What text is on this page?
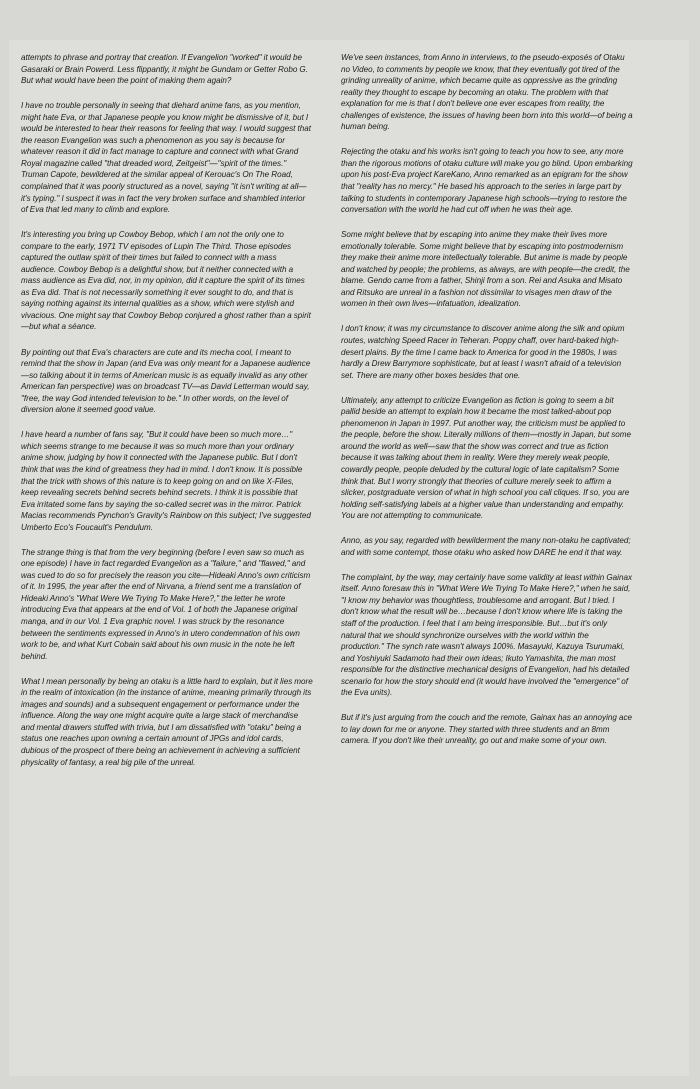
attempts to phrase and portray that creation. If Evangelion "worked" it would be Gasaraki or Brain Powerd. Less flippantly, it might be Gundam or Getter Robo G. But what would have been the point of making them again?

I have no trouble personally in seeing that diehard anime fans, as you mention, might hate Eva, or that Japanese people you know might be dismissive of it, but I would be interested to hear their reasons for feeling that way. I would suggest that the reason Evangelion was such a phenomenon as you say is because for whatever reason it did in fact manage to capture and connect with what Grand Royal magazine called "that dreaded word, Zeitgeist"—"spirit of the times." Truman Capote, bewildered at the similar appeal of Kerouac's On The Road, complained that it was poorly structured as a novel, saying "it isn't writing at all—it's typing." I suspect it was in fact the very broken surface and shambled interior of Eva that led many to climb and explore.

It's interesting you bring up Cowboy Bebop, which I am not the only one to compare to the early, 1971 TV episodes of Lupin The Third. Those episodes captured the outlaw spirit of their times but failed to connect with a mass audience. Cowboy Bebop is a delightful show, but it neither connected with a mass audience as Eva did, nor, in my opinion, did it capture the spirit of its times as Eva did. That is not necessarily something it ever sought to do, and that is saying nothing against its internal qualities as a show, which were stylish and vivacious. One might say that Cowboy Bebop conjured a ghost rather than a spirit—but what a séance.

By pointing out that Eva's characters are cute and its mecha cool, I meant to remind that the show in Japan (and Eva was only meant for a Japanese audience—so talking about it in terms of American music is as equally invalid as any other American fan perspective) was on broadcast TV—as David Letterman would say, "free, the way God intended television to be." In other words, on the level of diversion alone it seemed good value.

I have heard a number of fans say, "But it could have been so much more…" which seems strange to me because it was so much more than your ordinary anime show, judging by how it connected with the Japanese public. But I don't think that was the kind of greatness they had in mind. I don't know. It is possible that the trick with shows of this nature is to keep going on and on like X-Files, keep revealing secrets behind secrets behind secrets. I think it is possible that Eva irritated some fans by saying the so-called secret was in the mirror. Patrick Macias recommends Pynchon's Gravity's Rainbow on this subject; I've suggested Umberto Eco's Foucault's Pendulum.

The strange thing is that from the very beginning (before I even saw so much as one episode) I have in fact regarded Evangelion as a "failure," and "flawed," and was cued to do so for precisely the reason you cite—Hideaki Anno's own criticism of it. In 1995, the year after the end of Nirvana, a friend sent me a translation of Hideaki Anno's "What Were We Trying To Make Here?," the letter he wrote introducing Eva that appears at the end of Vol. 1 of both the Japanese original manga, and in our Vol. 1 Eva graphic novel. I was struck by the resonance between the sentiments expressed in Anno's in utero condemnation of his own work to be, and what Kurt Cobain said about his own music in the note he left behind.

What I mean personally by being an otaku is a little hard to explain, but it lies more in the realm of intoxication (in the instance of anime, meaning primarily through its images and sounds) and a subsequent engagement or performance under the influence. Along the way one might acquire quite a large stack of merchandise and mental drawers stuffed with trivia, but I am dissatisfied with "otaku" being a status one reaches upon owning a certain amount of JPGs and idol cards, dubious of the prospect of there being an achievement in achieving a sufficient physicality of fantasy, a real big pile of the unreal.

We've seen instances, from Anno in interviews, to the pseudo-exposés of Otaku no Video, to comments by people we know, that they eventually got tired of the grinding unreality of anime, which became quite as oppressive as the grinding reality they thought to escape by becoming an otaku. The problem with that explanation for me is that I don't believe one ever escapes from reality, the challenges of existence, the issues of having been born into this world—of being a human being.

Rejecting the otaku and his works isn't going to teach you how to see, any more than the rigorous motions of otaku culture will make you go blind. Upon embarking upon his post-Eva project KareKano, Anno remarked as an epigram for the show that "reality has no mercy." He based his approach to the series in large part by talking to students in contemporary Japanese high schools—trying to restore the conversation with the world he had cut off when he was their age.

Some might believe that by escaping into anime they make their lives more emotionally tolerable. Some might believe that by escaping into postmodernism they make their anime more intellectually tolerable. But anime is made by people and watched by people; the problems, as always, are with people—the credit, the blame. Gendo came from a father, Shinji from a son. Rei and Asuka and Misato and Ritsuko are unreal in a fashion not dissimilar to visages men draw of the women in their own lives—infatuation, idealization.

I don't know; it was my circumstance to discover anime along the silk and opium routes, watching Speed Racer in Teheran. Poppy chaff, over hard-baked high-desert plains. By the time I came back to America for good in the 1980s, I was hardly a Drew Barrymore sophisticate, but at least I wasn't afraid of a television set. There are many other boxes besides that one.

Ultimately, any attempt to criticize Evangelion as fiction is going to seem a bit pallid beside an attempt to explain how it became the most talked-about pop phenomenon in Japan in 1997. Put another way, the criticism must be applied to the people, before the show. Literally millions of them—mostly in Japan, but some around the world as well—saw that the show was correct and true as fiction because it was talking about them in reality. Were they merely weak people, cowardly people, people deluded by the cultural logic of late capitalism? Some think that. But I worry strongly that theories of culture merely seek to affirm a slicker, postgraduate version of what in high school you call cliques. If so, you are holding self-satisfying labels at a higher value than understanding and empathy. You are not attempting to communicate.

Anno, as you say, regarded with bewilderment the many non-otaku he captivated; and with some contempt, those otaku who asked how DARE he end it that way.

The complaint, by the way, may certainly have some validity at least within Gainax itself. Anno foresaw this in "What Were We Trying To Make Here?," when he said, "I know my behavior was thoughtless, troublesome and arrogant. But I tried. I don't know what the result will be…because I don't know where life is taking the staff of the production. I feel that I am being irresponsible. But…but it's only natural that we should synchronize ourselves with the world within the production." The synch rate wasn't always 100%. Masayuki, Kazuya Tsurumaki, and Yoshiyuki Sadamoto had their own ideas; Ikuto Yamashita, the man most responsible for the distinctive mechanical designs of Evangelion, had his detailed scenario for how the story should end (it would have involved the "emergence" of the Eva units).

But if it's just arguing from the couch and the remote, Gainax has an annoying ace to lay down for me or anyone. They started with three students and an 8mm camera. If you don't like their unreality, go out and make some of your own.
